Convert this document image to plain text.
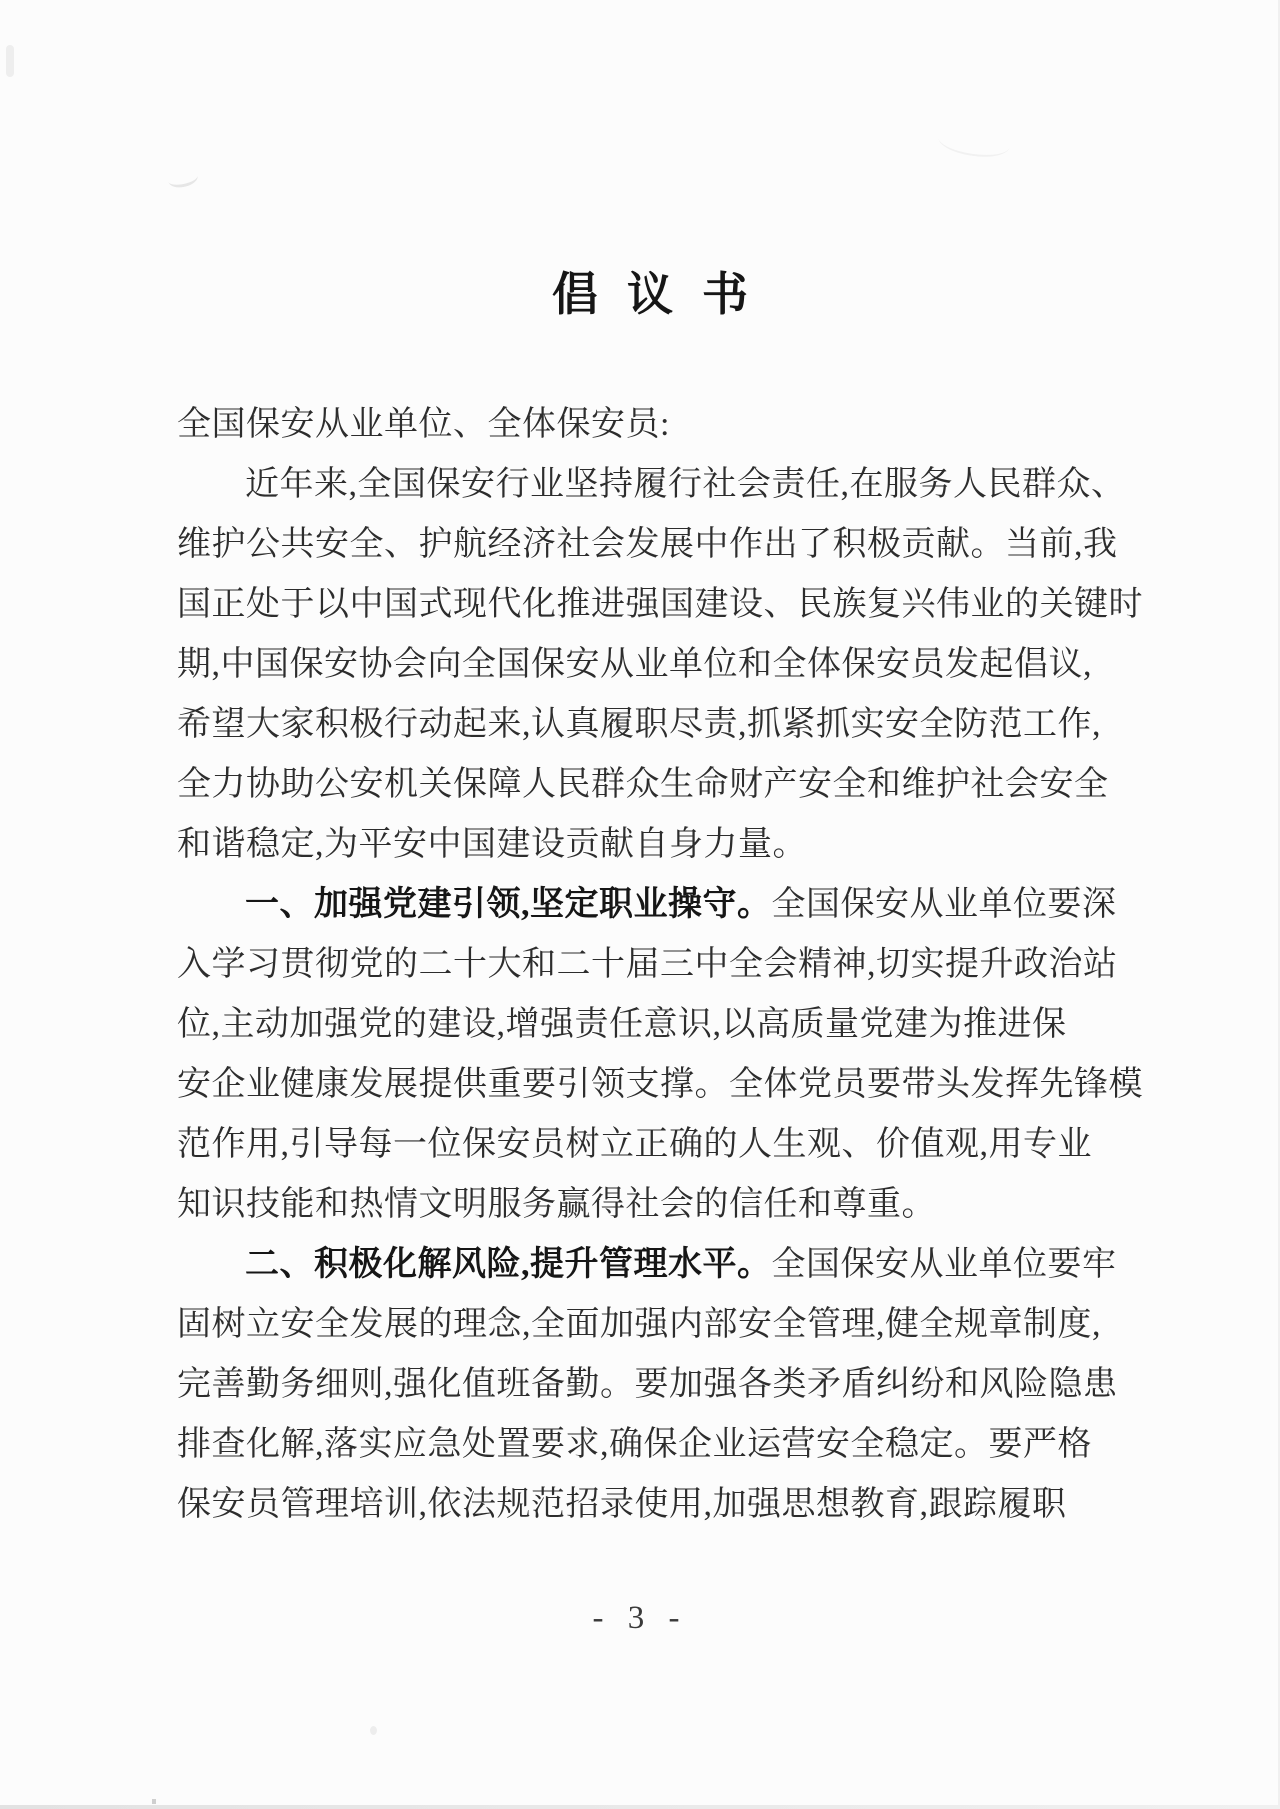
倡  议  书
全国保安从业单位、全体保安员:
近年来,全国保安行业坚持履行社会责任,在服务人民群众、
维护公共安全、护航经济社会发展中作出了积极贡献。当前,我
国正处于以中国式现代化推进强国建设、民族复兴伟业的关键时
期,中国保安协会向全国保安从业单位和全体保安员发起倡议,
希望大家积极行动起来,认真履职尽责,抓紧抓实安全防范工作,
全力协助公安机关保障人民群众生命财产安全和维护社会安全
和谐稳定,为平安中国建设贡献自身力量。
一、加强党建引领,坚定职业操守。全国保安从业单位要深
入学习贯彻党的二十大和二十届三中全会精神,切实提升政治站
位,主动加强党的建设,增强责任意识,以高质量党建为推进保
安企业健康发展提供重要引领支撑。全体党员要带头发挥先锋模
范作用,引导每一位保安员树立正确的人生观、价值观,用专业
知识技能和热情文明服务赢得社会的信任和尊重。
二、积极化解风险,提升管理水平。全国保安从业单位要牢
固树立安全发展的理念,全面加强内部安全管理,健全规章制度,
完善勤务细则,强化值班备勤。要加强各类矛盾纠纷和风险隐患
排查化解,落实应急处置要求,确保企业运营安全稳定。要严格
保安员管理培训,依法规范招录使用,加强思想教育,跟踪履职
- 3 -
